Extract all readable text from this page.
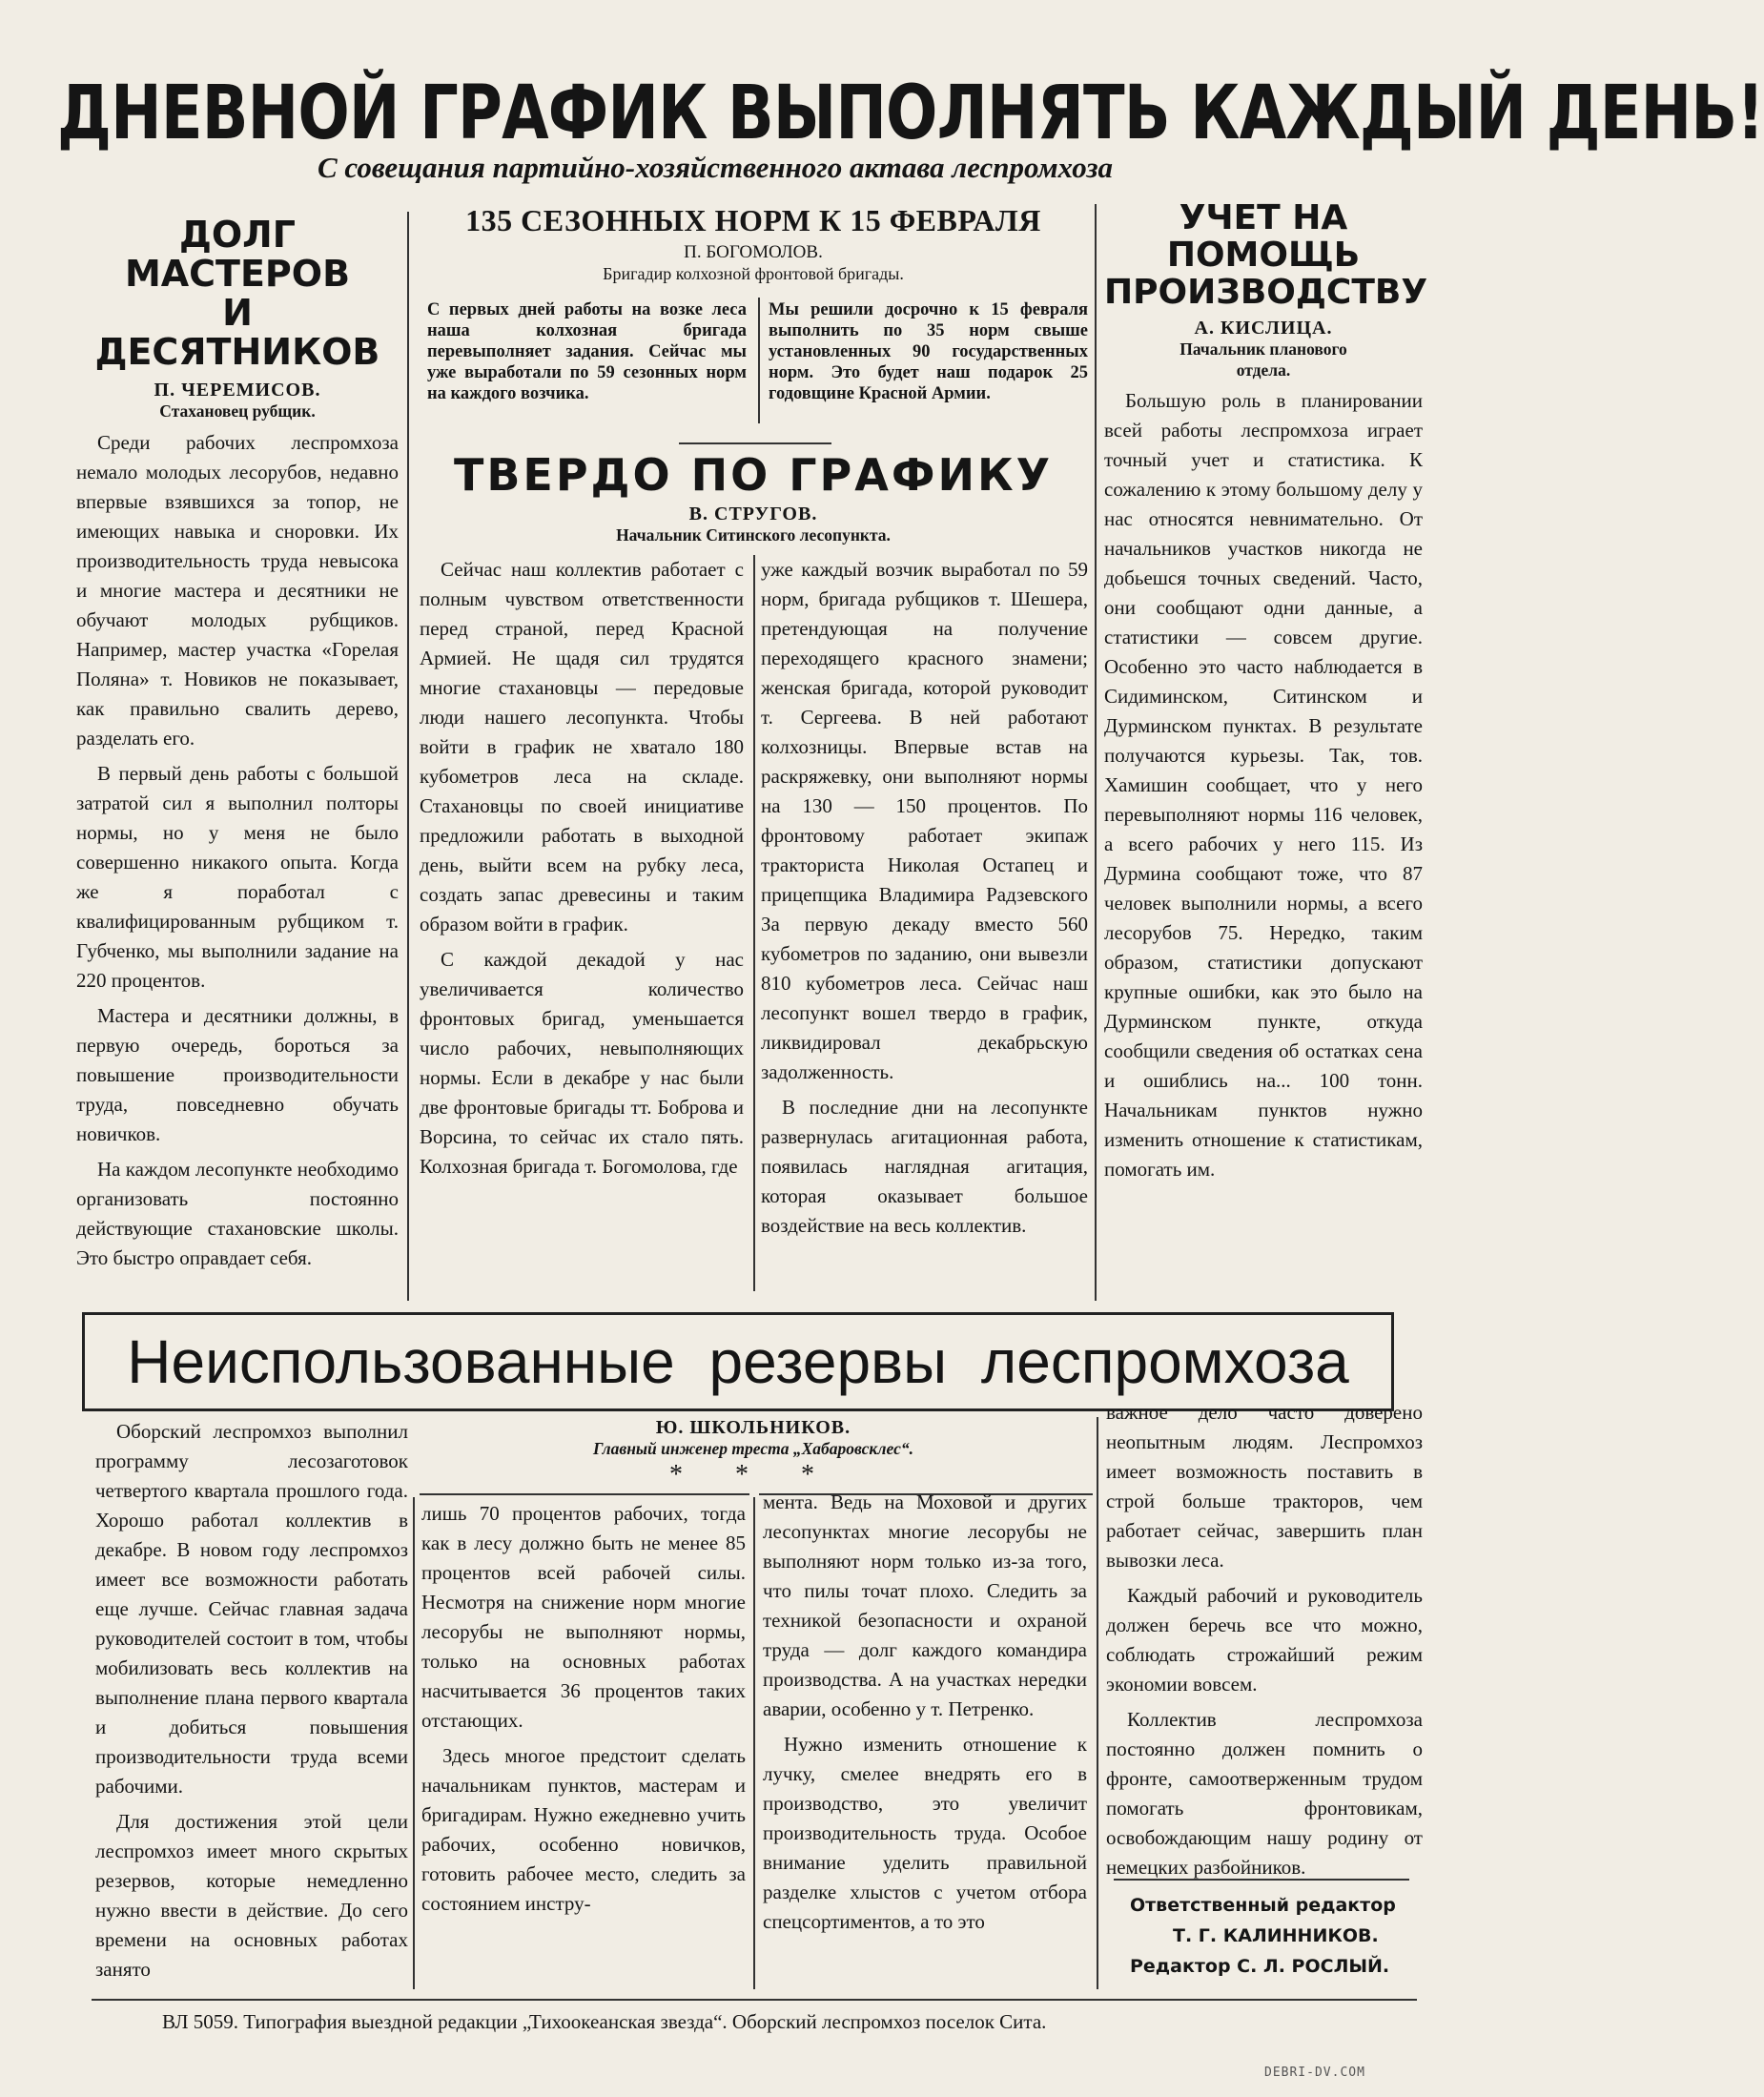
ДНЕВНОЙ ГРАФИК ВЫПОЛНЯТЬ КАЖДЫЙ ДЕНЬ!
С совещания партийно-хозяйственного актава леспромхоза
ДОЛГ МАСТЕРОВ
И ДЕСЯТНИКОВ
П. ЧЕРЕМИСОВ.
Стахановец рубщик.

Среди рабочих леспромхоза немало молодых лесорубов, недавно впервые взявшихся за топор, не имеющих навыка и сноровки. Их производительность труда невысока и многие мастера и десятники не обучают молодых рубщиков. Например, мастер участка «Горелая Поляна» т. Новиков не показывает, как правильно свалить дерево, разделать его.

В первый день работы с большой затратой сил я выполнил полторы нормы, но у меня не было совершенно никакого опыта. Когда же я поработал с квалифицированным рубщиком т. Губченко, мы выполнили задание на 220 процентов.

Мастера и десятники должны, в первую очередь, бороться за повышение производительности труда, повседневно обучать новичков.

На каждом лесопункте необходимо организовать постоянно действующие стахановские школы. Это быстро оправдает себя.

135 СЕЗОННЫХ НОРМ К 15 ФЕВРАЛЯ
П. БОГОМОЛОВ.
Бригадир колхозной фронтовой бригады.
С первых дней работы на возке леса наша колхозная бригада перевыполняет задания. Сейчас мы уже выработали по 59 сезонных норм на каждого возчика.
Мы решили досрочно к 15 февраля выполнить по 35 норм свыше установленных 90 государственных норм. Это будет наш подарок 25 годовщине Красной Армии.
ТВЕРДО ПО ГРАФИКУ
В. СТРУГОВ.
Начальник Ситинского лесопункта.

Сейчас наш коллектив работает с полным чувством ответственности перед страной, перед Красной Армией. Не щадя сил трудятся многие стахановцы — передовые люди нашего лесопункта. Чтобы войти в график не хватало 180 кубометров леса на складе. Стахановцы по своей инициативе предложили работать в выходной день, выйти всем на рубку леса, создать запас древесины и таким образом войти в график.

С каждой декадой у нас увеличивается количество фронтовых бригад, уменьшается число рабочих, невыполняющих нормы. Если в декабре у нас были две фронтовые бригады тт. Боброва и Ворсина, то сейчас их стало пять. Колхозная бригада т. Богомолова, где

уже каждый возчик выработал по 59 норм, бригада рубщиков т. Шешера, претендующая на получение переходящего красного знамени; женская бригада, которой руководит т. Сергеева. В ней работают колхозницы. Впервые встав на раскряжевку, они выполняют нормы на 130 — 150 процентов. По фронтовому работает экипаж тракториста Николая Остапец и прицепщика Владимира Радзевского За первую декаду вместо 560 кубометров по заданию, они вывезли 810 кубометров леса. Сейчас наш лесопункт вошел твердо в график, ликвидировал декабрьскую задолженность.

В последние дни на лесопункте развернулась агитационная работа, появилась наглядная агитация, которая оказывает большое воздействие на весь коллектив.

УЧЕТ НА ПОМОЩЬ
ПРОИЗВОДСТВУ
А. КИСЛИЦА.
Пачальник планового
отдела.

Большую роль в планировании всей работы леспромхоза играет точный учет и статистика. К сожалению к этому большому делу у нас относятся невнимательно. От начальников участков никогда не добьешся точных сведений. Часто, они сообщают одни данные, а статистики — совсем другие. Особенно это часто наблюдается в Сидиминском, Ситинском и Дурминском пунктах. В результате получаются курьезы. Так, тов. Хамишин сообщает, что у него перевыполняют нормы 116 человек, а всего рабочих у него 115. Из Дурмина сообщают тоже, что 87 человек выполнили нормы, а всего лесорубов 75. Нередко, таким образом, статистики допускают крупные ошибки, как это было на Дурминском пункте, откуда сообщили сведения об остатках сена и ошиблись на... 100 тонн. Начальникам пунктов нужно изменить отношение к статистикам, помогать им.

Неиспользованные резервы леспромхоза
Ю. ШКОЛЬНИКОВ.
Главный инженер треста „Хабаровсклес“.
* * *

Оборский леспромхоз выполнил программу лесозаготовок четвертого квартала прошлого года. Хорошо работал коллектив в декабре. В новом году леспромхоз имеет все возможности работать еще лучше. Сейчас главная задача руководителей состоит в том, чтобы мобилизовать весь коллектив на выполнение плана первого квартала и добиться повышения производительности труда всеми рабочими.

Для достижения этой цели леспромхоз имеет много скрытых резервов, которые немедленно нужно ввести в действие. До сего времени на основных работах занято

лишь 70 процентов рабочих, тогда как в лесу должно быть не менее 85 процентов всей рабочей силы. Несмотря на снижение норм многие лесорубы не выполняют нормы, только на основных работах насчитывается 36 процентов таких отстающих.

Здесь многое предстоит сделать начальникам пунктов, мастерам и бригадирам. Нужно ежедневно учить рабочих, особенно новичков, готовить рабочее место, следить за состоянием инстру-

мента. Ведь на Моховой и других лесопунктах многие лесорубы не выполняют норм только из-за того, что пилы точат плохо. Следить за техникой безопасности и охраной труда — долг каждого командира производства. А на участках нередки аварии, особенно у т. Петренко.

Нужно изменить отношение к лучку, смелее внедрять его в производство, это увеличит производительность труда. Особое внимание уделить правильной разделке хлыстов с учетом отбора спецсортиментов, а то это

важное дело часто доверено неопытным людям. Леспромхоз имеет возможность поставить в строй больше тракторов, чем работает сейчас, завершить план вывозки леса.

Каждый рабочий и руководитель должен беречь все что можно, соблюдать строжайший режим экономии вовсем.

Коллектив леспромхоза постоянно должен помнить о фронте, самоотверженным трудом помогать фронтовикам, освобождающим нашу родину от немецких разбойников.

Ответственный редактор
Т. Г. КАЛИННИКОВ.
Редактор С. Л. РОСЛЫЙ.
ВЛ 5059. Типография выездной редакции „Тихоокеанская звезда“. Оборский леспромхоз поселок Сита.
DEBRI-DV.COM
